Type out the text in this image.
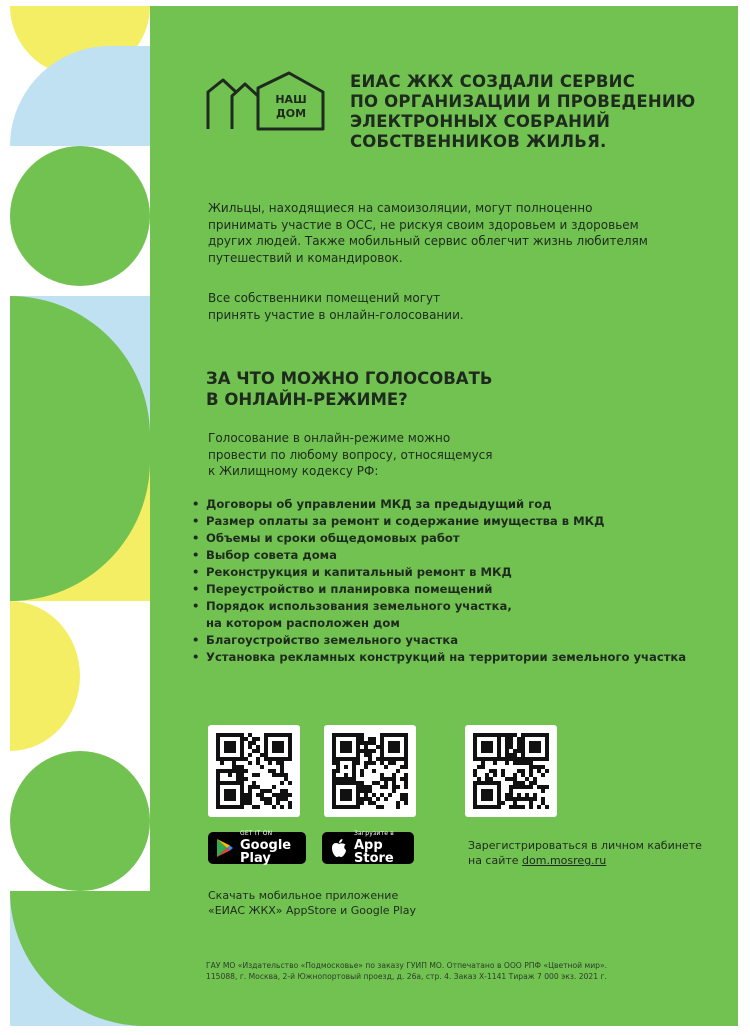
НАШ
ДОМ
ЕИАС ЖКХ СОЗДАЛИ СЕРВИС
ПО ОРГАНИЗАЦИИ И ПРОВЕДЕНИЮ
ЭЛЕКТРОННЫХ СОБРАНИЙ
СОБСТВЕННИКОВ ЖИЛЬЯ.
Жильцы, находящиеся на самоизоляции, могут полноценно
принимать участие в ОСС, не рискуя своим здоровьем и здоровьем
других людей. Также мобильный сервис облегчит жизнь любителям
путешествий и командировок.
Все собственники помещений могут
принять участие в онлайн-голосовании.
ЗА ЧТО МОЖНО ГОЛОСОВАТЬ
В ОНЛАЙН-РЕЖИМЕ?
Голосование в онлайн-режиме можно
провести по любому вопросу, относящемуся
к Жилищному кодексу РФ:
• Договоры об управлении МКД за предыдущий год
• Размер оплаты за ремонт и содержание имущества в МКД
• Объемы и сроки общедомовых работ
• Выбор совета дома
• Реконструкция и капитальный ремонт в МКД
• Переустройство и планировка помещений
• Порядок использования земельного участка,
на котором расположен дом
• Благоустройство земельного участка
• Установка рекламных конструкций на территории земельного участка
GET IT ON
Google Play
Загрузите в
App Store
Зарегистрироваться в личном кабинете
на сайте dom.mosreg.ru
Скачать мобильное приложение
«ЕИАС ЖКХ» AppStore и Google Play
ГАУ МО «Издательство «Подмосковье» по заказу ГУИП МО. Отпечатано в ООО РПФ «Цветной мир».
115088, г. Москва, 2-й Южнопортовый проезд, д. 26а, стр. 4. Заказ Х-1141 Тираж 7 000 экз. 2021 г.
